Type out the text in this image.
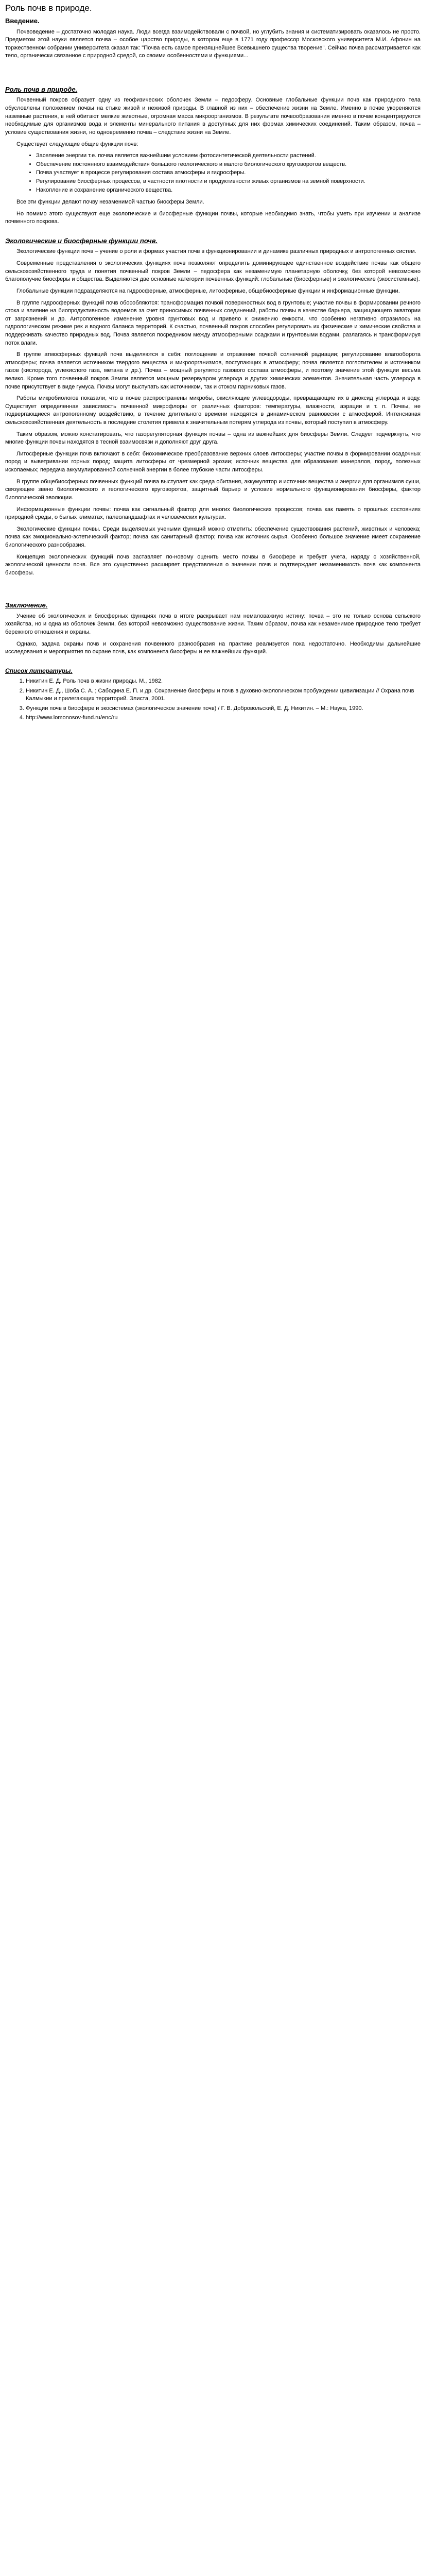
Роль почв в природе.
Введение.

Почвоведение – достаточно молодая наука. Люди всегда взаимодействовали с почвой, но углубить знания и систематизировать оказалось не просто. Предметом этой науки является почва – особое царство природы, в котором еще в 1771 году профессор Московского университета М.И. Афонин на торжественном собрании университета сказал так: "Почва есть самое преизящнейшее Всевышнего существа творение". Сейчас почва рассматривается как тело, органически связанное с природной средой, со своими особенностями и функциями...

Роль почв в природе.

Почвенный покров образует одну из геофизических оболочек Земли – педосферу. Основные глобальные функции почв как природного тела обусловлены положением почвы на стыке живой и неживой природы. В главной из них – обеспечение жизни на Земле. Именно в почве укореняются наземные растения, в ней обитают мелкие животные, огромная масса микроорганизмов. В результате почвообразования именно в почве концентрируются необходимые для организмов вода и элементы минерального питания в доступных для них формах химических соединений. Таким образом, почва – условие существования жизни, но одновременно почва – следствие жизни на Земле.

Существует следующие общие функции почв:

• Заселение энергии т.е. почва является важнейшим условием фотосинтетической деятельности растений.
• Обеспечение постоянного взаимодействия большого геологического и малого биологического круговоротов веществ.
• Почва участвует в процессе регулирования состава атмосферы и гидросферы.
• Регулирование биосферных процессов, в частности плотности и продуктивности живых организмов на земной поверхности.
• Накопление и сохранение органического вещества.

Все эти функции делают почву незаменимой частью биосферы Земли.

Но помимо этого существуют еще экологические и биосферные функции почвы, которые необходимо знать, чтобы уметь при изучении и анализе почвенного покрова.

Экологические и биосферные функции почв.

Экологические функции почв – учение о роли и формах участия почв в функционировании и динамике различных природных и антропогенных систем.

Современные представления о экологических функциях почв позволяют определить доминирующее единственное воздействие почвы как общего сельскохозяйственного труда и понятия почвенный покров Земли – педосфера как незаменимую планетарную оболочку, без которой невозможно благополучие биосферы и общества. Выделяются две основные категории почвенных функций: глобальные (биосферные) и экологические (экосистемные).

Глобальные функции подразделяются на гидросферные, атмосферные, литосферные, общебиосферные функции и информационные функции.

В группе гидросферных функций почв обособляются: трансформация почвой поверхностных вод в грунтовые; участие почвы в формировании речного стока и влияние на биопродуктивность водоемов за счет приносимых почвенных соединений, работы почвы в качестве барьера, защищающего акватории от загрязнений и др. Антропогенное изменение уровня грунтовых вод и привело к снижению емкости, что особенно негативно отразилось на гидрологическом режиме рек и водного баланса территорий. К счастью, почвенный покров способен регулировать их физические и химические свойства и поддерживать качество природных вод. Почва является посредником между атмосферными осадками и грунтовыми водами, разлагаясь и трансформируя поток влаги.

В группе атмосферных функций почв выделяются в себя: поглощение и отражение почвой солнечной радиации; регулирование влагооборота атмосферы; почва является источником твердого вещества и микроорганизмов, поступающих в атмосферу; почва является поглотителем и источником газов (кислорода, углекислого газа, метана и др.). Почва – мощный регулятор газового состава атмосферы, и поэтому значение этой функции весьма велико. Кроме того почвенный покров Земли является мощным резервуаром углерода и других химических элементов. Значительная часть углерода в почве присутствует в виде гумуса. Почвы могут выступать как источником, так и стоком парниковых газов.

Работы микробиологов показали, что в почве распространены микробы, окисляющие углеводороды, превращающие их в диоксид углерода и воду. Существует определенная зависимость почвенной микрофлоры от различных факторов: температуры, влажности, аэрации и т. п. Почвы, не подвергающиеся антропогенному воздействию, в течение длительного времени находятся в динамическом равновесии с атмосферой. Интенсивная сельскохозяйственная деятельность в последние столетия привела к значительным потерям углерода из почвы, который поступил в атмосферу.

Таким образом, можно констатировать, что газорегуляторная функция почвы – одна из важнейших для биосферы Земли. Следует подчеркнуть, что многие функции почвы находятся в тесной взаимосвязи и дополняют друг друга.

Литосферные функции почв включают в себя: биохимическое преобразование верхних слоев литосферы; участие почвы в формировании осадочных пород и выветривании горных пород; защита литосферы от чрезмерной эрозии; источник вещества для образования минералов, пород, полезных ископаемых; передача аккумулированной солнечной энергии в более глубокие части литосферы.

В группе общебиосферных почвенных функций почва выступает как среда обитания, аккумулятор и источник вещества и энергии для организмов суши, связующее звено биологического и геологического круговоротов, защитный барьер и условие нормального функционирования биосферы, фактор биологической эволюции.

Информационные функции почвы: почва как сигнальный фактор для многих биологических процессов; почва как память о прошлых состояниях природной среды, о былых климатах, палеоландшафтах и человеческих культурах.

Экологические функции почвы. Среди выделяемых учеными функций можно отметить: обеспечение существования растений, животных и человека; почва как эмоционально-эстетический фактор; почва как санитарный фактор; почва как источник сырья. Особенно большое значение имеет сохранение биологического разнообразия.

Концепция экологических функций почв заставляет по-новому оценить место почвы в биосфере и требует учета, наряду с хозяйственной, экологической ценности почв. Все это существенно расширяет представления о значении почв и подтверждает незаменимость почв как компонента биосферы.

Заключение.

Учение об экологических и биосферных функциях почв в итоге раскрывает нам немаловажную истину: почва – это не только основа сельского хозяйства, но и одна из оболочек Земли, без которой невозможно существование жизни. Таким образом, почва как незаменимое природное тело требует бережного отношения и охраны.

Однако, задача охраны почв и сохранения почвенного разнообразия на практике реализуется пока недостаточно. Необходимы дальнейшие исследования и мероприятия по охране почв, как компонента биосферы и ее важнейших функций.

Список литературы.
1. Никитин Е. Д. Роль почв в жизни природы. М., 1982.
2. Никитин Е. Д., Шоба С. А. ; Сабодина Е. П. и др. Сохранение биосферы и почв в духовно-экологическом пробуждении цивилизации // Охрана почв Калмыкии и прилегающих территорий. Элиста, 2001.
3. Функции почв в биосфере и экосистемах (экологическое значение почв) / Г. В. Добровольский, Е. Д. Никитин. – М.: Наука, 1990.
4. http://www.lomonosov-fund.ru/enc/ru
